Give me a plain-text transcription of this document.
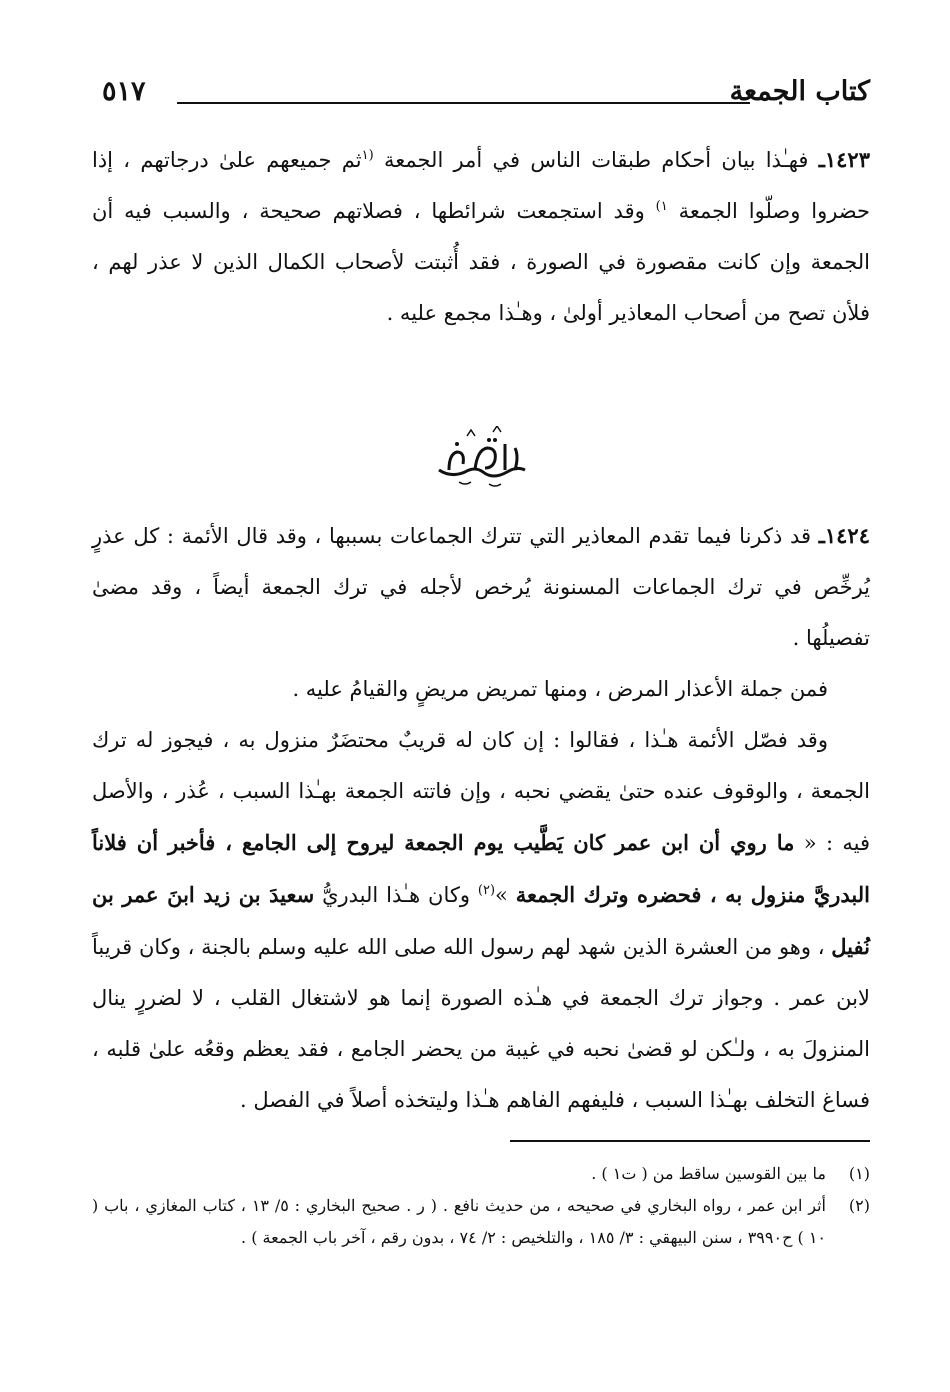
كتاب الجمعة
٥١٧

١٤٢٣ـ فهـٰذا بيان أحكام طبقات الناس في أمر الجمعة $^{(١}$ثم جميعهم علىٰ درجاتهم ، إذا حضروا وصلّوا الجمعة $^{١)}$ وقد استجمعت شرائطها ، فصلاتهم صحيحة ، والسبب فيه أن الجمعة وإن كانت مقصورة في الصورة ، فقد أُثبتت لأصحاب الكمال الذين لا عذر لهم ، فلأن تصح من أصحاب المعاذير أولىٰ ، وهـٰذا مجمع عليه .

١٤٢٤ـ قد ذكرنا فيما تقدم المعاذير التي تترك الجماعات بسببها ، وقد قال الأئمة : كل عذرٍ يُرخِّص في ترك الجماعات المسنونة يُرخص لأجله في ترك الجمعة أيضاً ، وقد مضىٰ تفصيلُها .

فمن جملة الأعذار المرض ، ومنها تمريض مريضٍ والقيامُ عليه .

وقد فصّل الأئمة هـٰذا ، فقالوا : إن كان له قريبٌ محتضَرٌ منزول به ، فيجوز له ترك الجمعة ، والوقوف عنده حتىٰ يقضي نحبه ، وإن فاتته الجمعة بهـٰذا السبب ، عُذر ، والأصل فيه : « ما روي أن ابن عمر كان يَطَّيب يوم الجمعة ليروح إلى الجامع ، فأخبر أن فلاناً البدريَّ منزول به ، فحضره وترك الجمعة »$^{(٢)}$ وكان هـٰذا البدريُّ سعيدَ بن زيد ابنَ عمر بن نُفيل ، وهو من العشرة الذين شهد لهم رسول الله صلى الله عليه وسلم بالجنة ، وكان قريباً لابن عمر . وجواز ترك الجمعة في هـٰذه الصورة إنما هو لاشتغال القلب ، لا لضررٍ ينال المنزولَ به ، ولـٰكن لو قضىٰ نحبه في غيبة من يحضر الجامع ، فقد يعظم وقعُه علىٰ قلبه ، فساغ التخلف بهـٰذا السبب ، فليفهم الفاهم هـٰذا وليتخذه أصلاً في الفصل .

(١)
ما بين القوسين ساقط من ( ت١ ) .
(٢)
أثر ابن عمر ، رواه البخاري في صحيحه ، من حديث نافع . ( ر . صحيح البخاري : ٥/ ١٣ ، كتاب المغازي ، باب ( ١٠ ) ح٣٩٩٠ ، سنن البيهقي : ٣/ ١٨٥ ، والتلخيص : ٢/ ٧٤ ، بدون رقم ، آخر باب الجمعة ) .
